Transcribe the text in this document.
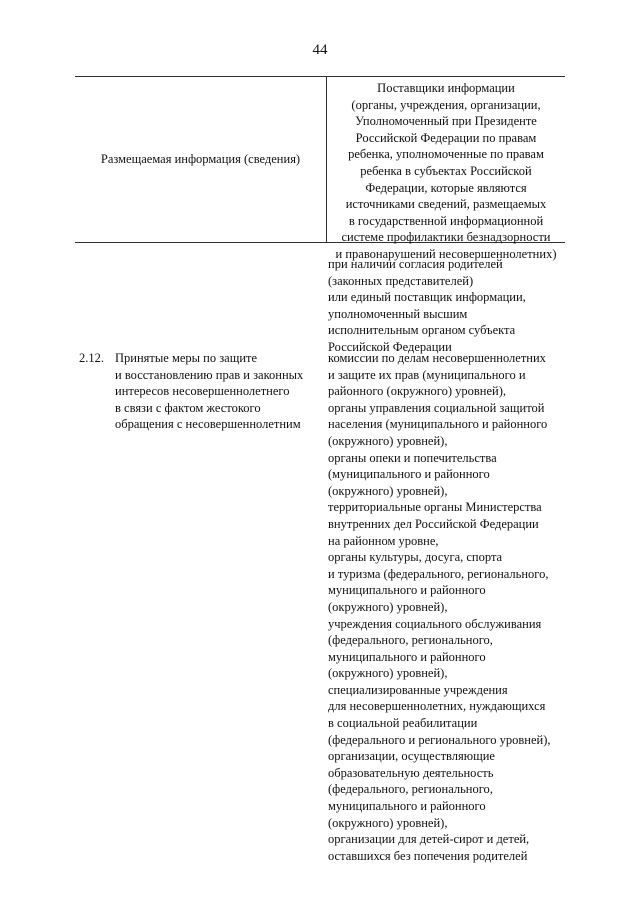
44
Размещаемая информация (сведения)
Поставщики информации
(органы, учреждения, организации,
Уполномоченный при Президенте
Российской Федерации по правам
ребенка, уполномоченные по правам
ребенка в субъектах Российской
Федерации, которые являются
источниками сведений, размещаемых
в государственной информационной
системе профилактики безнадзорности
и правонарушений несовершеннолетних)
при наличии согласия родителей
(законных представителей)
или единый поставщик информации,
уполномоченный высшим
исполнительным органом субъекта
Российской Федерации
2.12. Принятые меры по защите
и восстановлению прав и законных
интересов несовершеннолетнего
в связи с фактом жестокого
обращения с несовершеннолетним
комиссии по делам несовершеннолетних
и защите их прав (муниципального и
районного (окружного) уровней),
органы управления социальной защитой
населения (муниципального и районного
(окружного) уровней),
органы опеки и попечительства
(муниципального и районного
(окружного) уровней),
территориальные органы Министерства
внутренних дел Российской Федерации
на районном уровне,
органы культуры, досуга, спорта
и туризма (федерального, регионального,
муниципального и районного
(окружного) уровней),
учреждения социального обслуживания
(федерального, регионального,
муниципального и районного
(окружного) уровней),
специализированные учреждения
для несовершеннолетних, нуждающихся
в социальной реабилитации
(федерального и регионального уровней),
организации, осуществляющие
образовательную деятельность
(федерального, регионального,
муниципального и районного
(окружного) уровней),
организации для детей-сирот и детей,
оставшихся без попечения родителей
